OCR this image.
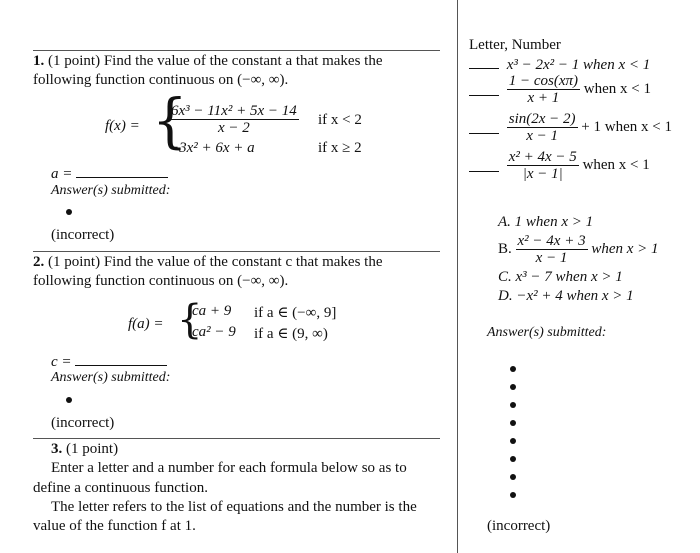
1. (1 point) Find the value of the constant a that makes the
following function continuous on (−∞, ∞).
f(x) = {
$\frac{\text{6x³ − 11x² + 5x − 14}}{x - 2}$ if x < 2
−3x² + 6x + a	if x ≥ 2
a =
Answer(s) submitted:
(incorrect)
2. (1 point) Find the value of the constant c that makes the
following function continuous on (−∞, ∞).
f(a) = {
ca + 9 if a ∈ (−∞, 9]
ca² − 9 if a ∈ (9, ∞)
c =
Answer(s) submitted:
(incorrect)
3. (1 point)
Enter a letter and a number for each formula below so as to
define a continuous function.
The letter refers to the list of equations and the number is the
value of the function f at 1.
Letter, Number
x³ − 2x² − 1 when x < 1

$\frac{1 - \cos(x\pi)}{x + 1}$ when x < 1

$\frac{\sin(2x - 2)}{x - 1} + 1$ when x < 1

$\frac{\text{x² + 4x − 5}}{|x - 1|}$ when x < 1
A. 1 when x > 1
B. $\frac{\text{x² − 4x + 3}}{x - 1}$ when x > 1
C. x³ − 7 when x > 1
D. −x² + 4 when x > 1
Answer(s) submitted:
(incorrect)
